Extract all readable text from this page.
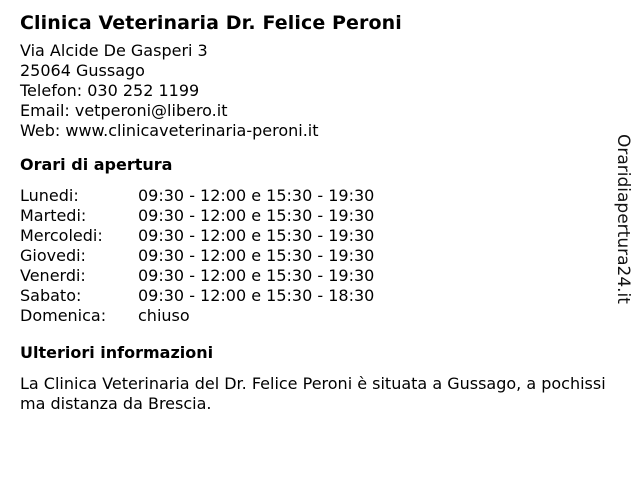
Clinica Veterinaria Dr. Felice Peroni
Via Alcide De Gasperi 3
25064 Gussago
Telefon: 030 252 1199
Email: vetperoni@libero.it
Web: www.clinicaveterinaria-peroni.it
Orari di apertura
Lunedi:	09:30 - 12:00 e 15:30 - 19:30
Martedi:	09:30 - 12:00 e 15:30 - 19:30
Mercoledi:	09:30 - 12:00 e 15:30 - 19:30
Giovedi:	09:30 - 12:00 e 15:30 - 19:30
Venerdi:	09:30 - 12:00 e 15:30 - 19:30
Sabato:	09:30 - 12:00 e 15:30 - 18:30
Domenica:	chiuso
Ulteriori informazioni
La Clinica Veterinaria del Dr. Felice Peroni è situata a Gussago, a pochissima distanza da Brescia.
Oraridiapertura24.it
